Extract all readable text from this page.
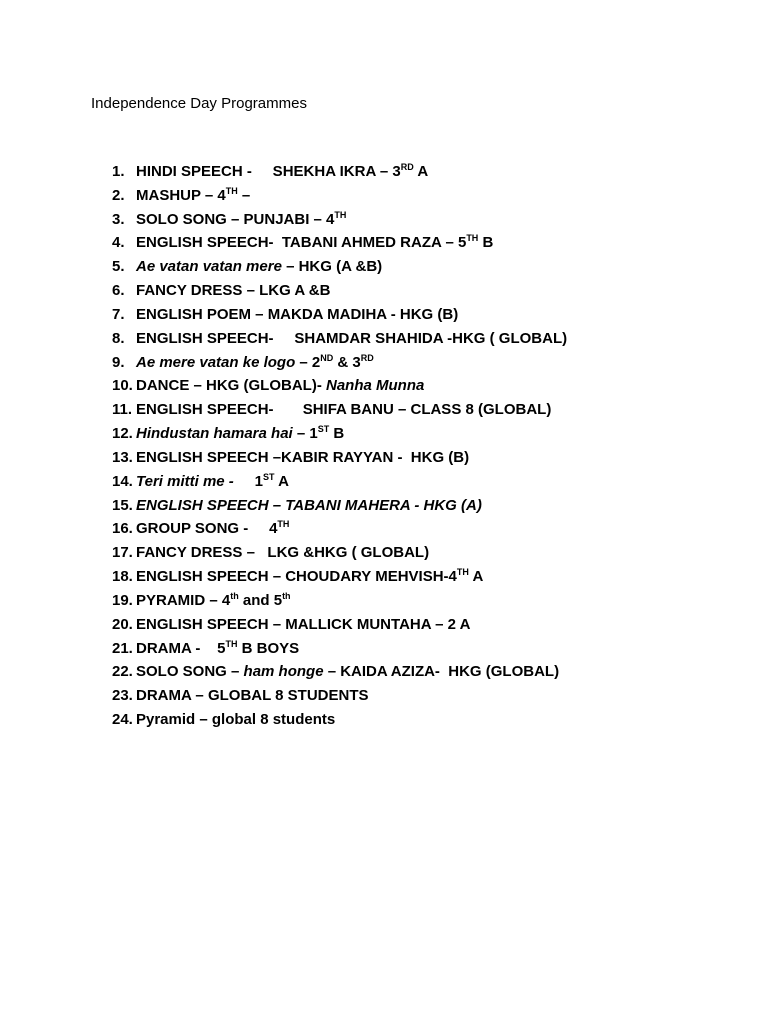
Independence Day Programmes
1. HINDI SPEECH -     SHEKHA IKRA – 3RD A
2. MASHUP – 4TH –
3. SOLO SONG – PUNJABI – 4TH
4. ENGLISH SPEECH-  TABANI AHMED RAZA – 5TH B
5. Ae vatan vatan mere – HKG (A &B)
6. FANCY DRESS – LKG A &B
7. ENGLISH POEM – MAKDA MADIHA - HKG (B)
8. ENGLISH SPEECH-     SHAMDAR SHAHIDA -HKG ( GLOBAL)
9. Ae mere vatan ke logo – 2ND & 3RD
10. DANCE – HKG (GLOBAL)- Nanha Munna
11. ENGLISH SPEECH-       SHIFA BANU – CLASS 8 (GLOBAL)
12. Hindustan hamara hai – 1ST B
13. ENGLISH SPEECH –KABIR RAYYAN -  HKG (B)
14. Teri mitti me -     1ST A
15. ENGLISH SPEECH – TABANI MAHERA - HKG (A)
16. GROUP SONG -     4TH
17. FANCY DRESS –   LKG &HKG ( GLOBAL)
18. ENGLISH SPEECH – CHOUDARY MEHVISH-4TH A
19. PYRAMID – 4th and 5th
20. ENGLISH SPEECH – MALLICK MUNTAHA – 2 A
21. DRAMA -    5TH B BOYS
22. SOLO SONG – ham honge – KAIDA AZIZA-  HKG (GLOBAL)
23. DRAMA – GLOBAL 8 STUDENTS
24. Pyramid – global 8 students
